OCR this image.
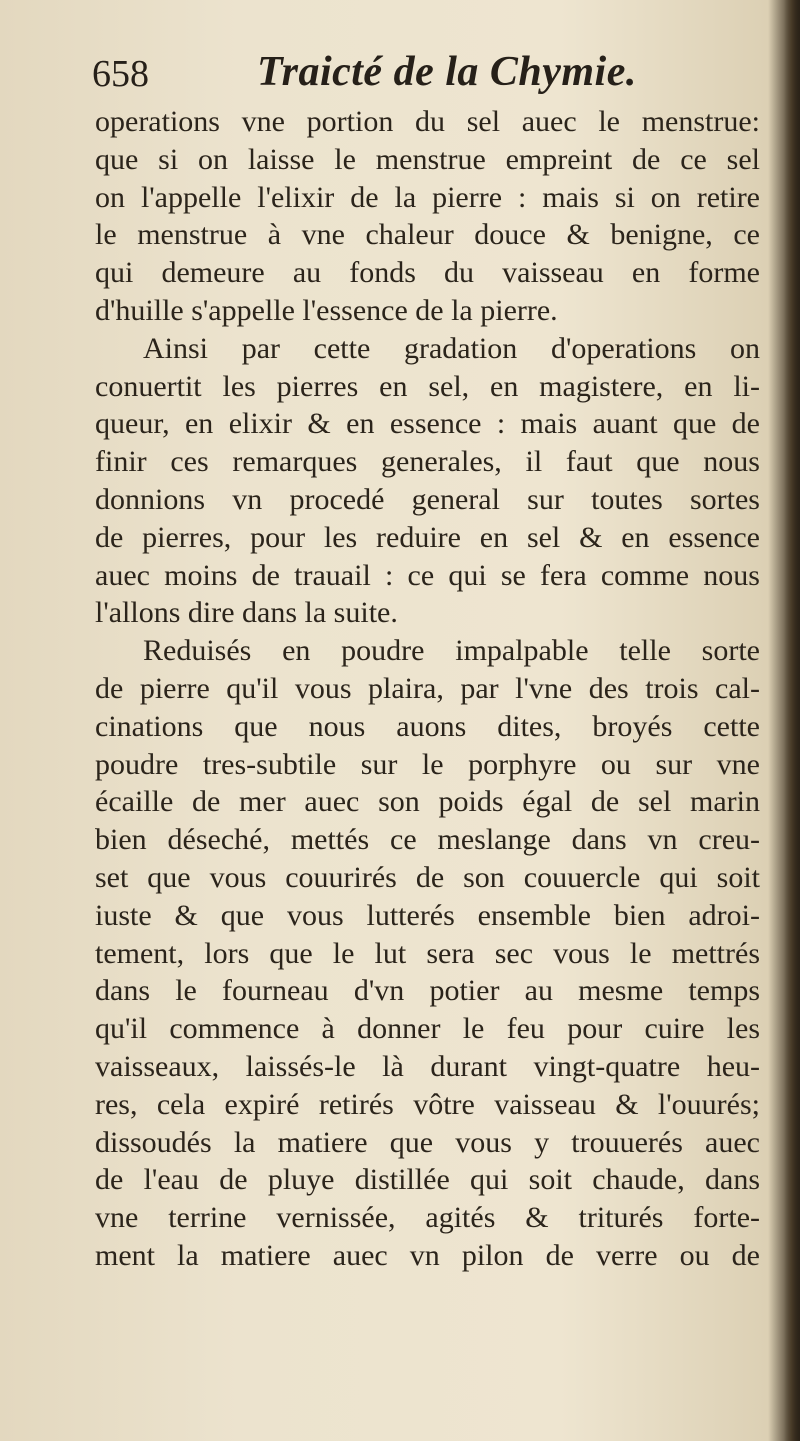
658	Traicté de la Chymie.
operations vne portion du sel auec le menstrue:
que si on laisse le menstrue empreint de ce sel
on l'appelle l'elixir de la pierre : mais si on retire
le menstrue à vne chaleur douce & benigne, ce
qui demeure au fonds du vaisseau en forme
d'huille s'appelle l'essence de la pierre.
Ainsi par cette gradation d'operations on
conuertit les pierres en sel, en magistere, en li-
queur, en elixir & en essence : mais auant que de
finir ces remarques generales, il faut que nous
donnions vn procedé general sur toutes sortes
de pierres, pour les reduire en sel & en essence
auec moins de trauail : ce qui se fera comme nous
l'allons dire dans la suite.
Reduisés en poudre impalpable telle sorte
de pierre qu'il vous plaira, par l'vne des trois cal-
cinations que nous auons dites, broyés cette
poudre tres-subtile sur le porphyre ou sur vne
écaille de mer auec son poids égal de sel marin
bien déseché, mettés ce meslange dans vn creu-
set que vous couurirés de son couuercle qui soit
iuste & que vous lutterés ensemble bien adroi-
tement, lors que le lut sera sec vous le mettrés
dans le fourneau d'vn potier au mesme temps
qu'il commence à donner le feu pour cuire les
vaisseaux, laissés-le là durant vingt-quatre heu-
res, cela expiré retirés vôtre vaisseau & l'ouurés;
dissoudés la matiere que vous y trouuerés auec
de l'eau de pluye distillée qui soit chaude, dans
vne terrine vernissée, agités & triturés forte-
ment la matiere auec vn pilon de verre ou de
